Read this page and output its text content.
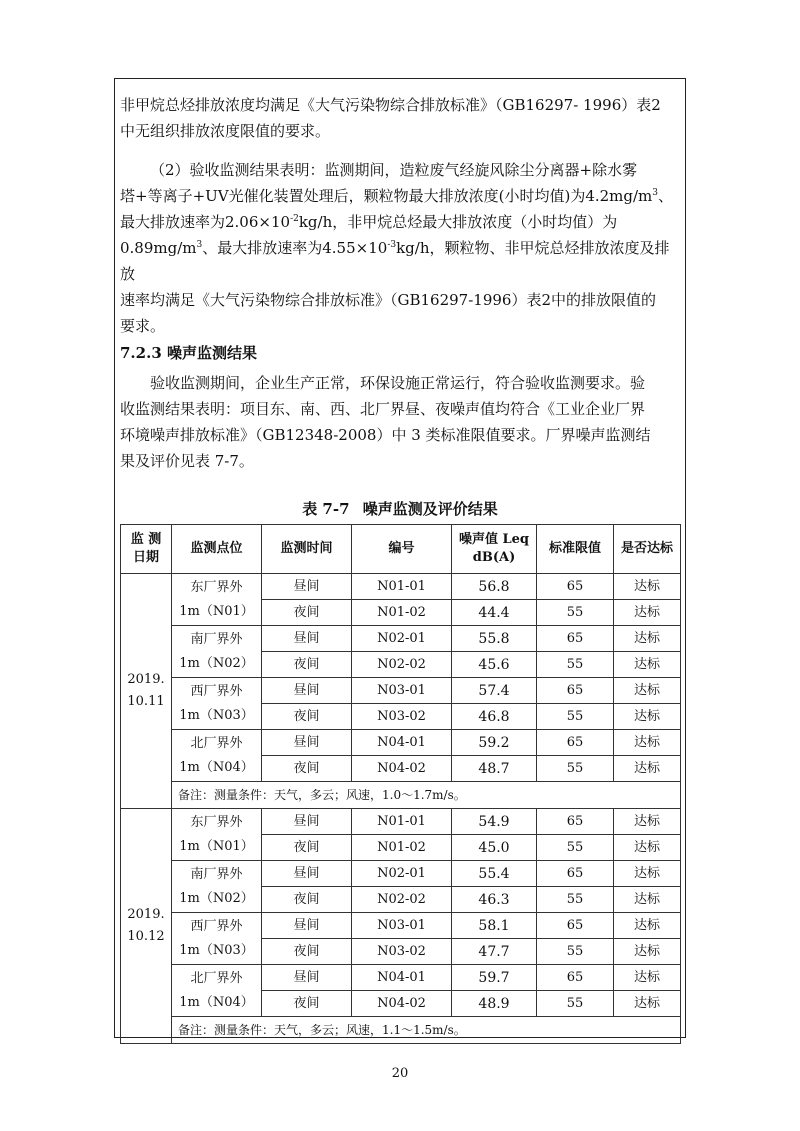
非甲烷总烃排放浓度均满足《大气污染物综合排放标准》（GB16297- 1996）表2
中无组织排放浓度限值的要求。

（2）验收监测结果表明：监测期间，造粒废气经旋风除尘分离器+除水雾
塔+等离子+UV光催化装置处理后，颗粒物最大排放浓度(小时均值)为$4.2mg/m^3$、
最大排放速率为$2.06\times 10^{-2}kg/h$，非甲烷总烃最大排放浓度（小时均值）为
$0.89mg/m^3$、最大排放速率为$4.55\times 10^{-3}kg/h$，颗粒物、非甲烷总烃排放浓度及排放
速率均满足《大气污染物综合排放标准》（GB16297-1996）表2中的排放限值的
要求。

7.2.3 噪声监测结果

验收监测期间，企业生产正常，环保设施正常运行，符合验收监测要求。验
收监测结果表明：项目东、南、西、北厂界昼、夜噪声值均符合《工业企业厂界
环境噪声排放标准》（GB12348-2008）中 3 类标准限值要求。厂界噪声监测结
果及评价见表 7-7。

表 7-7 噪声监测及评价结果
监 测
日期	监测点位	监测时间	编号	噪声值 Leq
dB(A)	标准限值	是否达标
2019.
10.11	东厂界外
1m（N01）	昼间	N01-01	56.8	65	达标
		夜间	N01-02	44.4	55	达标
	南厂界外
1m（N02）	昼间	N02-01	55.8	65	达标
		夜间	N02-02	45.6	55	达标
	西厂界外
1m（N03）	昼间	N03-01	57.4	65	达标
		夜间	N03-02	46.8	55	达标
	北厂界外
1m（N04）	昼间	N04-01	59.2	65	达标
		夜间	N04-02	48.7	55	达标
	备注：测量条件：天气，多云；风速，1.0～1.7m/s。					
2019.
10.12	东厂界外
1m（N01）	昼间	N01-01	54.9	65	达标
		夜间	N01-02	45.0	55	达标
	南厂界外
1m（N02）	昼间	N02-01	55.4	65	达标
		夜间	N02-02	46.3	55	达标
	西厂界外
1m（N03）	昼间	N03-01	58.1	65	达标
		夜间	N03-02	47.7	55	达标
	北厂界外
1m（N04）	昼间	N04-01	59.7	65	达标
		夜间	N04-02	48.9	55	达标
	备注：测量条件：天气，多云；风速，1.1～1.5m/s。					
20
